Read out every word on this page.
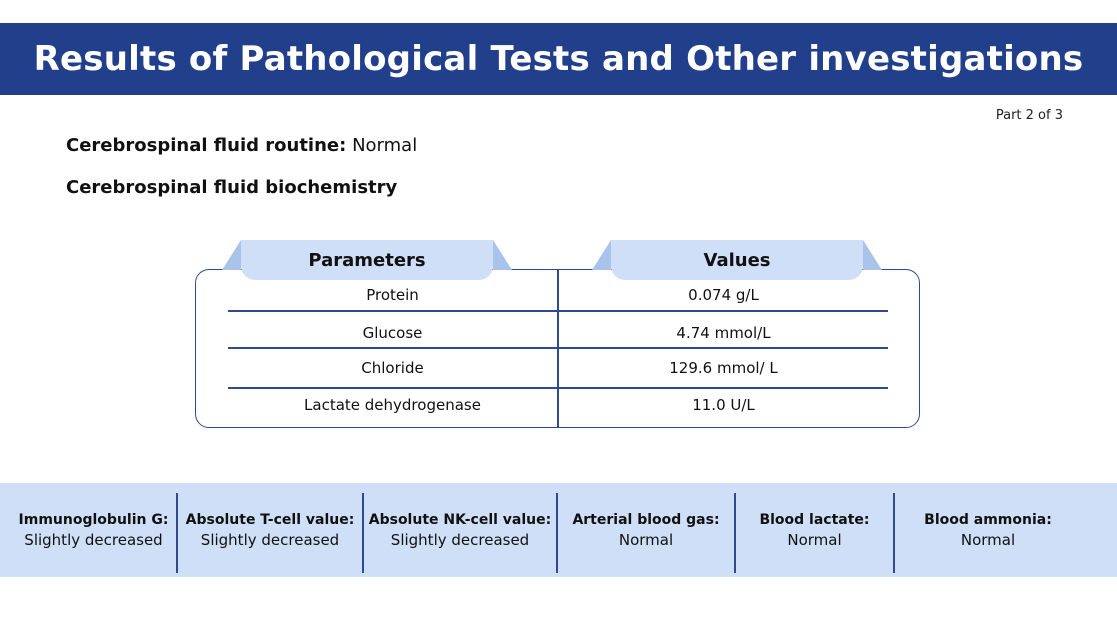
Results of Pathological Tests and Other investigations
Part 2 of 3
Cerebrospinal fluid routine: Normal
Cerebrospinal fluid biochemistry
Parameters	Values
Protein	0.074 g/L
Glucose	4.74 mmol/L
Chloride	129.6 mmol/ L
Lactate dehydrogenase	11.0 U/L
Immunoglobulin G:
Slightly decreased
Absolute T-cell value:
Slightly decreased
Absolute NK-cell value:
Slightly decreased
Arterial blood gas:
Normal
Blood lactate:
Normal
Blood ammonia:
Normal
